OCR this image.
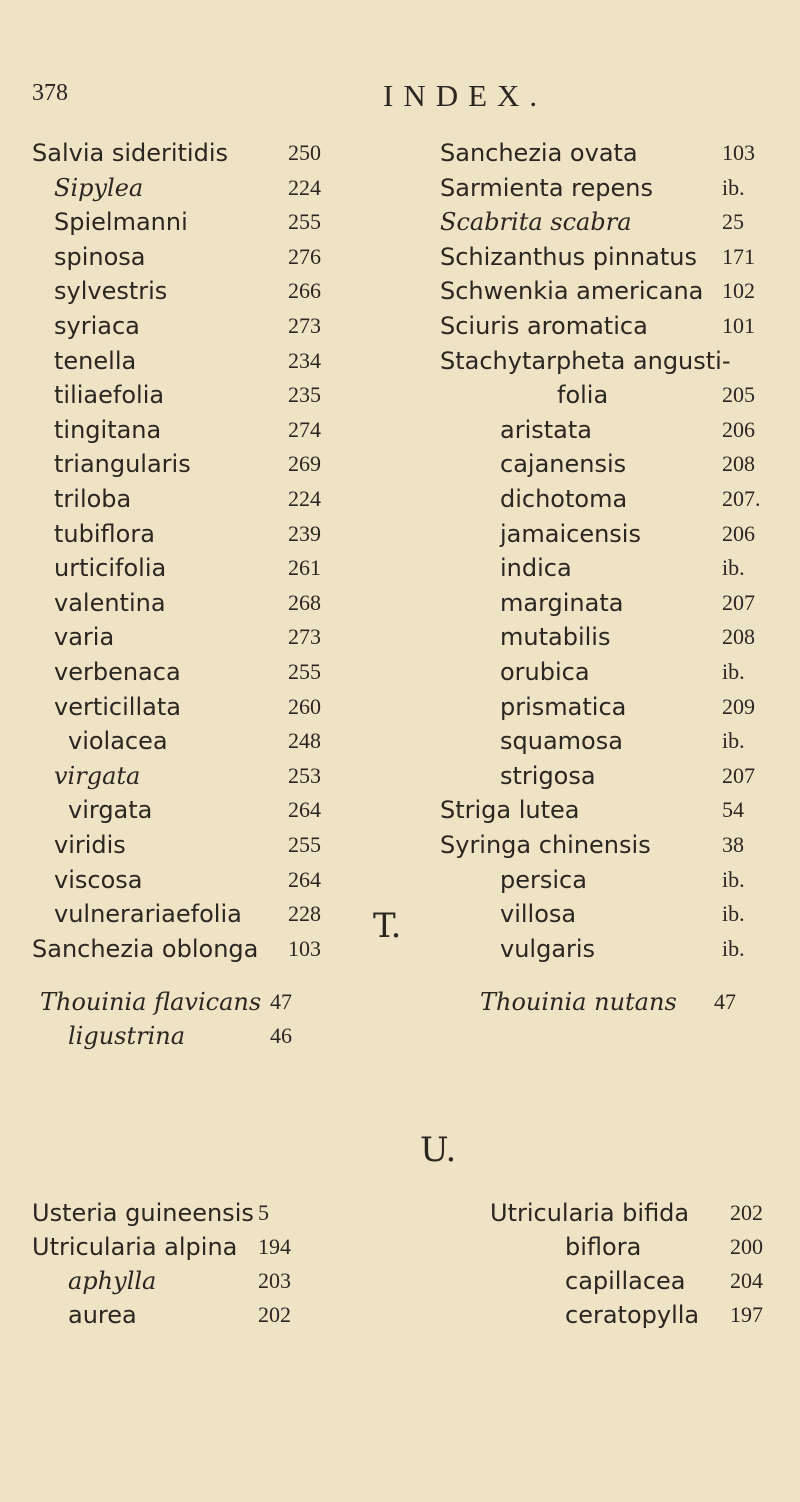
378	INDEX.
Salvia sideritidis	250
Sipylea	224
Spielmanni	255
spinosa	276
sylvestris	266
syriaca	273
tenella	234
tiliaefolia	235
tingitana	274
triangularis	269
triloba	224
tubiflora	239
urticifolia	261
valentina	268
varia	273
verbenaca	255
verticillata	260
violacea	248
virgata	253
virgata	264
viridis	255
viscosa	264
vulnerariaefolia 228
Sanchezia oblonga 103
Sanchezia ovata	103
Sarmienta repens	ib.
Scabrita scabra	25
Schizanthus pinnatus 171
Schwenkia americana 102
Sciuris aromatica	101
Stachytarpheta angusti-
folia	205
aristata	206
cajanensis	208
dichotoma	207.
jamaicensis	206
indica	ib.
marginata	207
mutabilis	208
orubica	ib.
prismatica	209
squamosa	ib.
strigosa	207
Striga lutea	54
Syringa chinensis	38
persica	ib.
villosa	ib.
vulgaris	ib.
T.
Thouinia flavicans 47
ligustrina	46
Thouinia nutans 47
U.
Usteria guineensis 5
Utricularia alpina 194
aphylla	203
aurea	202
Utricularia bifida 202
biflora	200
capillacea 204
ceratopylla 197
